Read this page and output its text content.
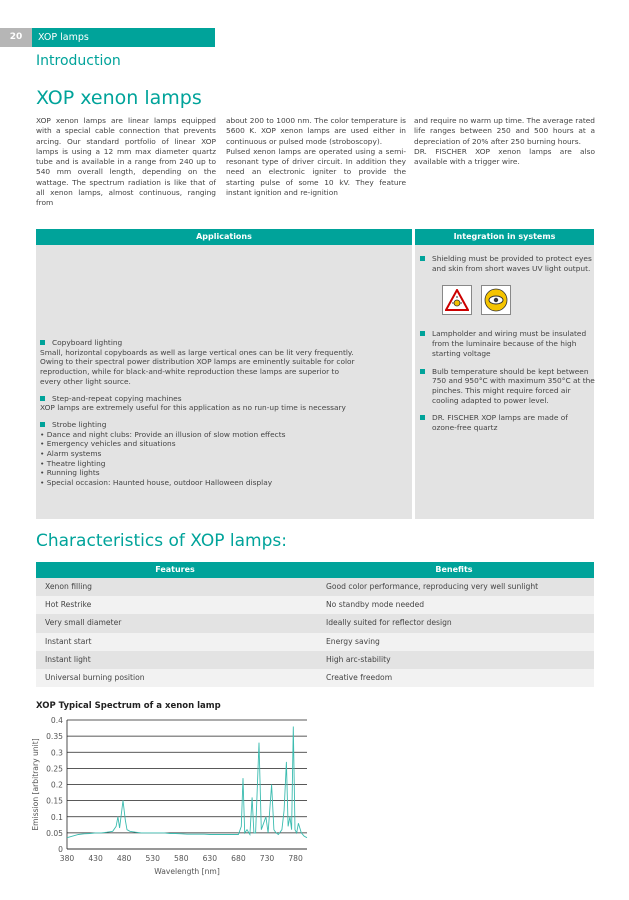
20	XOP lamps
Introduction
XOP xenon lamps

XOP xenon lamps are linear lamps equipped with a special cable connection that prevents arcing. Our standard portfolio of linear XOP lamps is using a 12 mm max diameter quartz tube and is available in a range from 240 up to 540 mm overall length, depending on the wattage. The spectrum radiation is like that of all xenon lamps, almost continuous, ranging from

about 200 to 1000 nm. The color temperature is 5600 K. XOP xenon lamps are used either in continuous or pulsed mode (stroboscopy).

Pulsed xenon lamps are operated using a semi-resonant type of driver circuit. In addition they need an electronic igniter to provide the starting pulse of some 10 kV. They feature instant ignition and re-ignition

and require no warm up time. The average rated life ranges between 250 and 500 hours at a depreciation of 20% after 250 burning hours.

DR. FISCHER XOP xenon lamps are also available with a trigger wire.

Applications	Integration in systems
Copyboard lighting
Small, horizontal copyboards as well as large vertical ones can be lit very frequently.
Owing to their spectral power distribution XOP lamps are eminently suitable for color
reproduction, while for black-and-white reproduction these lamps are superior to
every other light source.
Step-and-repeat copying machines
XOP lamps are extremely useful for this application as no run-up time is necessary
Strobe lighting
• Dance and night clubs: Provide an illusion of slow motion effects
• Emergency vehicles and situations
• Alarm systems
• Theatre lighting
• Running lights
• Special occasion: Haunted house, outdoor Halloween display
Shielding must be provided to protect eyes and skin from short waves UV light output.
Lampholder and wiring must be insulated from the luminaire because of the high starting voltage
Bulb temperature should be kept between 750 and 950°C with maximum 350°C at the pinches. This might require forced air cooling adapted to power level.
DR. FISCHER XOP lamps are made of ozone-free quartz
Characteristics of XOP lamps:
Features	Benefits
Xenon filling	Good color performance, reproducing very well sunlight
Hot Restrike	No standby mode needed
Very small diameter	Ideally suited for reflector design
Instant start	Energy saving
Instant light	High arc-stability
Universal burning position	Creative freedom
XOP Typical Spectrum of a xenon lamp
0
0.05
0.1
0.15
0.2
0.25
0.3
0.35
0.4
380 430 480 530 580 630 680 730 780
Wavelength [nm]
Emission [arbitrary unit]
